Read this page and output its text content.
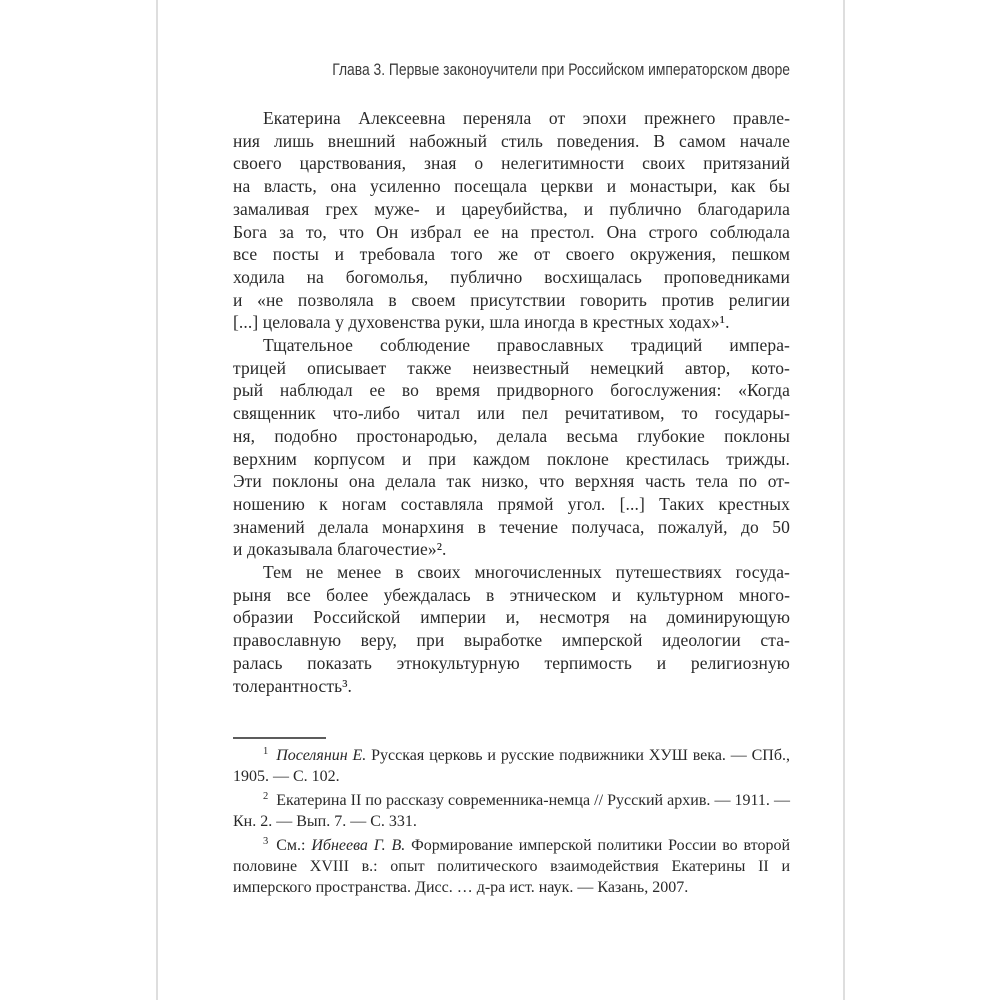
Глава 3. Первые законоучители при Российском императорском дворе
Екатерина Алексеевна переняла от эпохи прежнего правле-
ния лишь внешний набожный стиль поведения. В самом начале
своего царствования, зная о нелегитимности своих притязаний
на власть, она усиленно посещала церкви и монастыри, как бы
замаливая грех муже- и цареубийства, и публично благодарила
Бога за то, что Он избрал ее на престол. Она строго соблюдала
все посты и требовала того же от своего окружения, пешком
ходила на богомолья, публично восхищалась проповедниками
и «не позволяла в своем присутствии говорить против религии
[...] целовала у духовенства руки, шла иногда в крестных ходах»¹.
Тщательное соблюдение православных традиций импера-
трицей описывает также неизвестный немецкий автор, кото-
рый наблюдал ее во время придворного богослужения: «Когда
священник что-либо читал или пел речитативом, то государы-
ня, подобно простонародью, делала весьма глубокие поклоны
верхним корпусом и при каждом поклоне крестилась трижды.
Эти поклоны она делала так низко, что верхняя часть тела по от-
ношению к ногам составляла прямой угол. [...] Таких крестных
знамений делала монархиня в течение получаса, пожалуй, до 50
и доказывала благочестие»².
Тем не менее в своих многочисленных путешествиях госуда-
рыня все более убеждалась в этническом и культурном много-
образии Российской империи и, несмотря на доминирующую
православную веру, при выработке имперской идеологии ста-
ралась показать этнокультурную терпимость и религиозную
толерантность³.
$^1$ Поселянин Е. Русская церковь и русские подвижники ХУШ века. — СПб., 1905. — С. 102.
$^2$ Екатерина II по рассказу современника-немца // Русский архив. — 1911. — Кн. 2. — Вып. 7. — С. 331.
$^3$ См.: Ибнеева Г. В. Формирование имперской политики России во второй половине XVIII в.: опыт политического взаимодействия Екатерины II и имперского пространства. Дисс. … д-ра ист. наук. — Казань, 2007.
